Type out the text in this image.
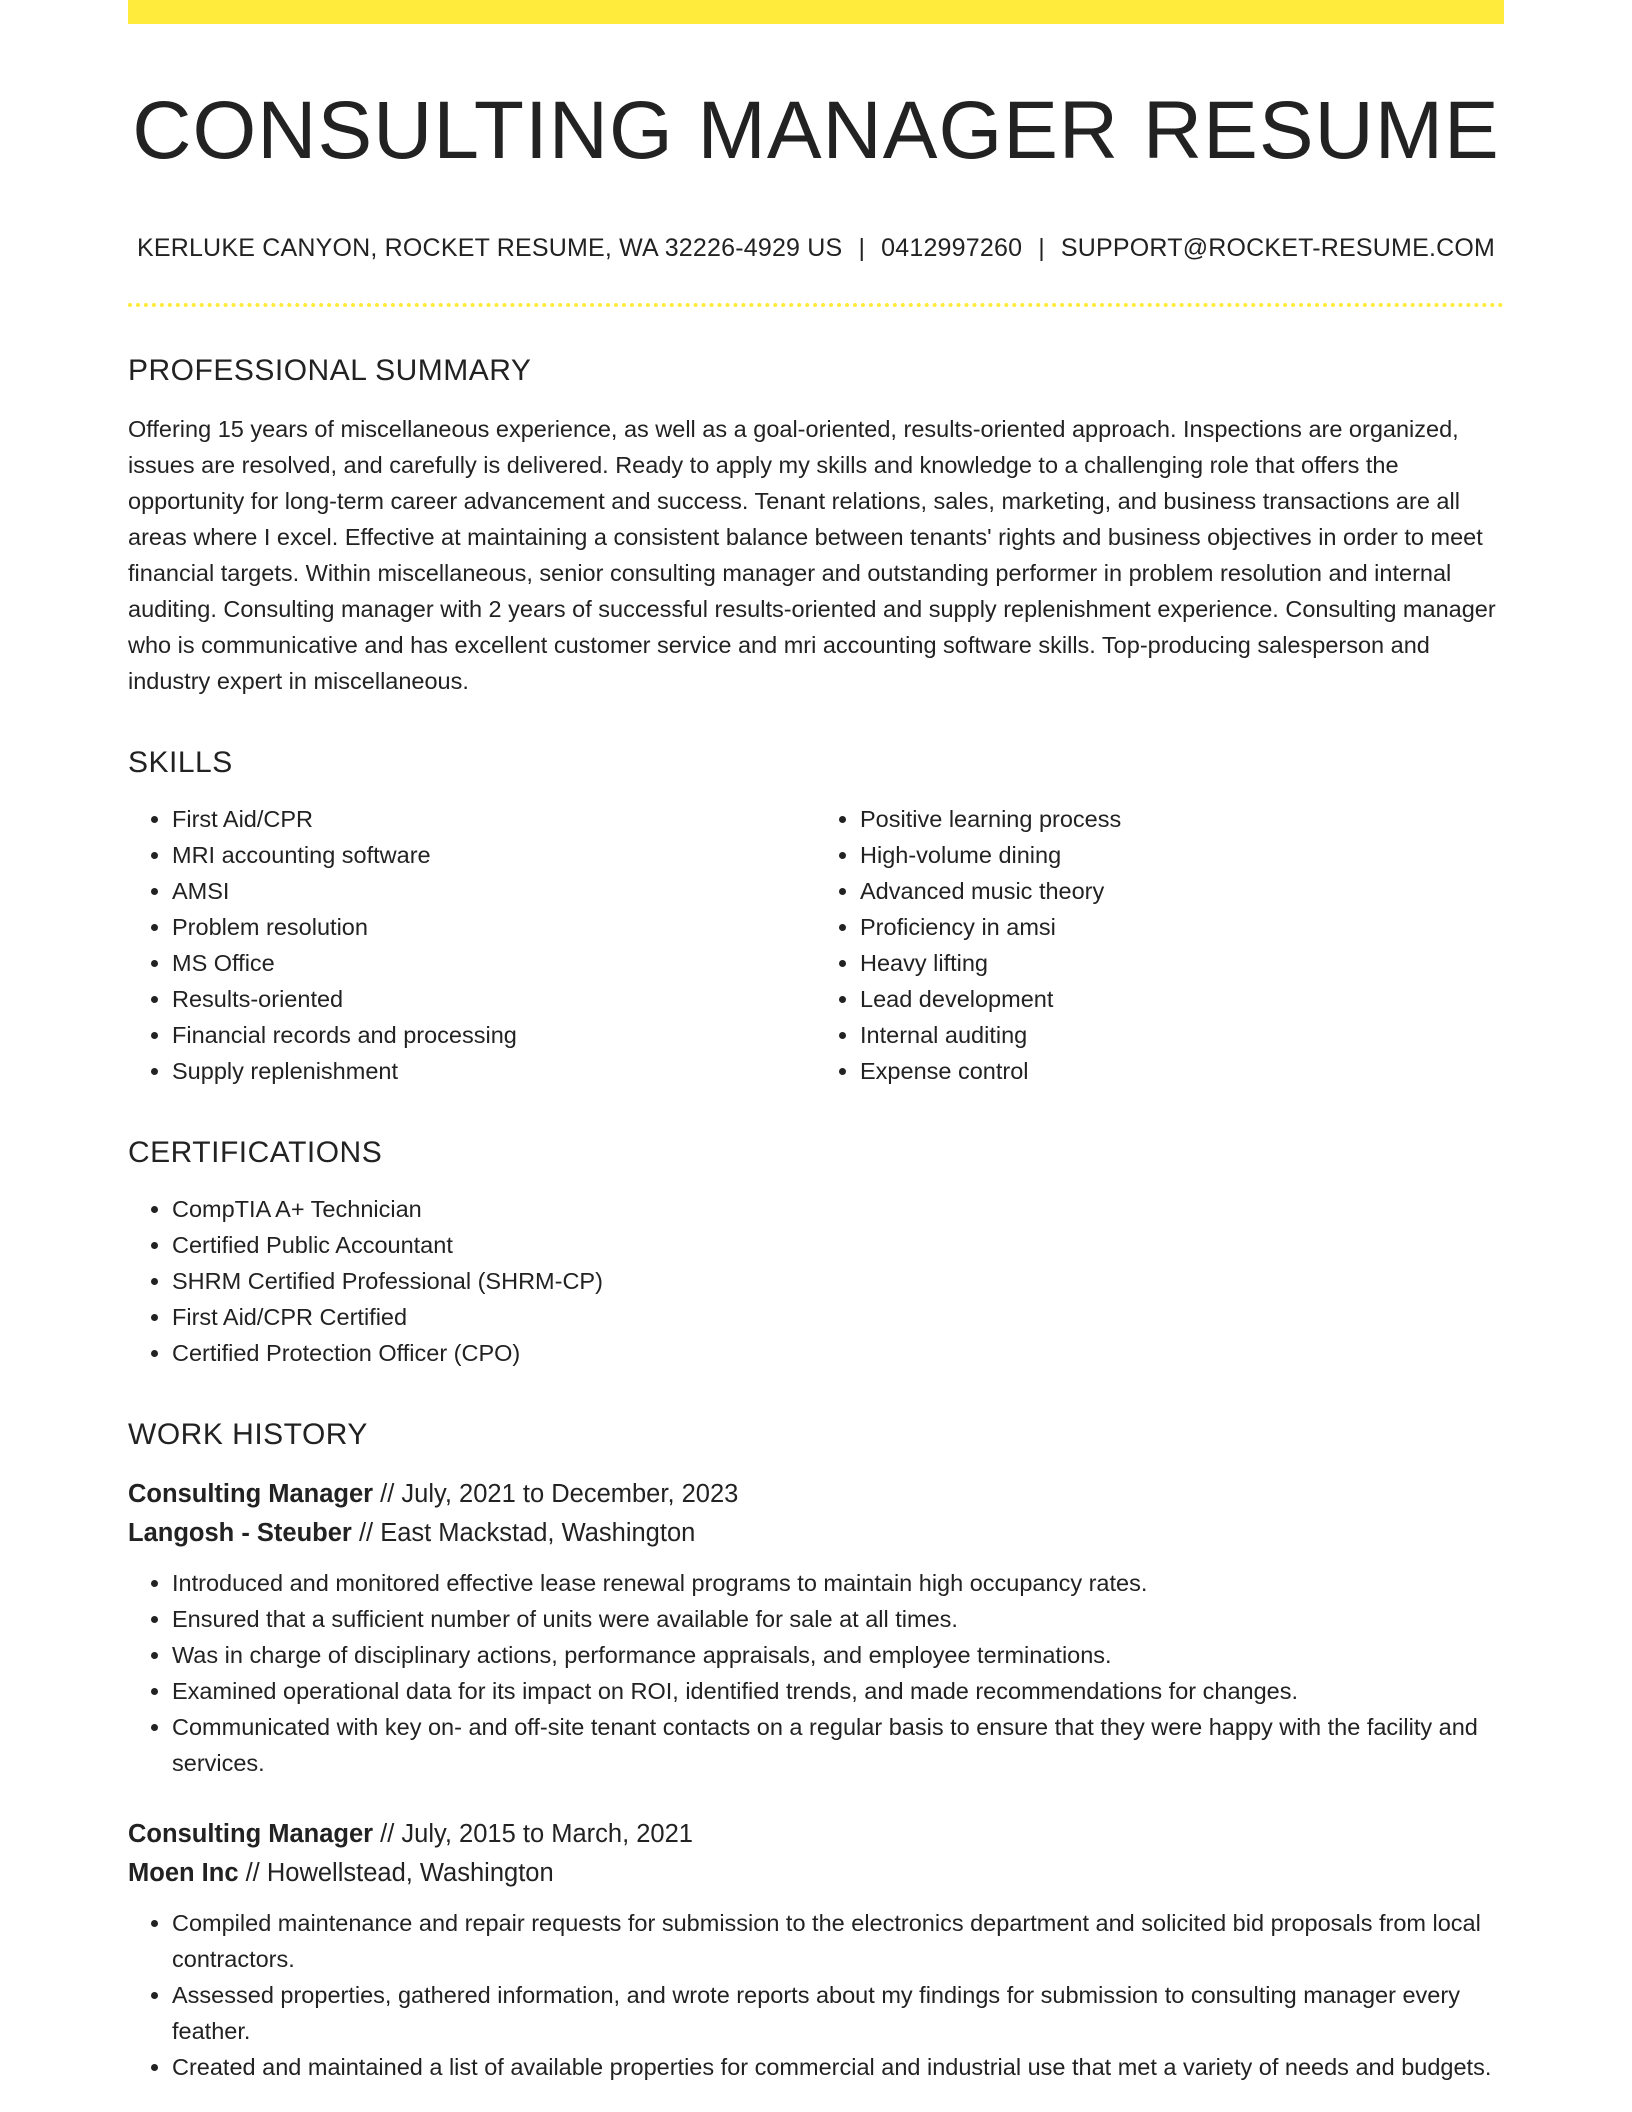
CONSULTING MANAGER RESUME
KERLUKE CANYON, ROCKET RESUME, WA 32226-4929 US | 0412997260 | SUPPORT@ROCKET-RESUME.COM
PROFESSIONAL SUMMARY

Offering 15 years of miscellaneous experience, as well as a goal-oriented, results-oriented approach. Inspections are organized, issues are resolved, and carefully is delivered. Ready to apply my skills and knowledge to a challenging role that offers the opportunity for long-term career advancement and success. Tenant relations, sales, marketing, and business transactions are all areas where I excel. Effective at maintaining a consistent balance between tenants' rights and business objectives in order to meet financial targets. Within miscellaneous, senior consulting manager and outstanding performer in problem resolution and internal auditing. Consulting manager with 2 years of successful results-oriented and supply replenishment experience. Consulting manager who is communicative and has excellent customer service and mri accounting software skills. Top-producing salesperson and industry expert in miscellaneous.

SKILLS
• First Aid/CPR
• MRI accounting software
• AMSI
• Problem resolution
• MS Office
• Results-oriented
• Financial records and processing
• Supply replenishment
• Positive learning process
• High-volume dining
• Advanced music theory
• Proficiency in amsi
• Heavy lifting
• Lead development
• Internal auditing
• Expense control
CERTIFICATIONS
• CompTIA A+ Technician
• Certified Public Accountant
• SHRM Certified Professional (SHRM-CP)
• First Aid/CPR Certified
• Certified Protection Officer (CPO)
WORK HISTORY
Consulting Manager // July, 2021 to December, 2023
Langosh - Steuber // East Mackstad, Washington
• Introduced and monitored effective lease renewal programs to maintain high occupancy rates.
• Ensured that a sufficient number of units were available for sale at all times.
• Was in charge of disciplinary actions, performance appraisals, and employee terminations.
• Examined operational data for its impact on ROI, identified trends, and made recommendations for changes.
• Communicated with key on- and off-site tenant contacts on a regular basis to ensure that they were happy with the facility and services.
Consulting Manager // July, 2015 to March, 2021
Moen Inc // Howellstead, Washington
• Compiled maintenance and repair requests for submission to the electronics department and solicited bid proposals from local contractors.
• Assessed properties, gathered information, and wrote reports about my findings for submission to consulting manager every feather.
• Created and maintained a list of available properties for commercial and industrial use that met a variety of needs and budgets.
